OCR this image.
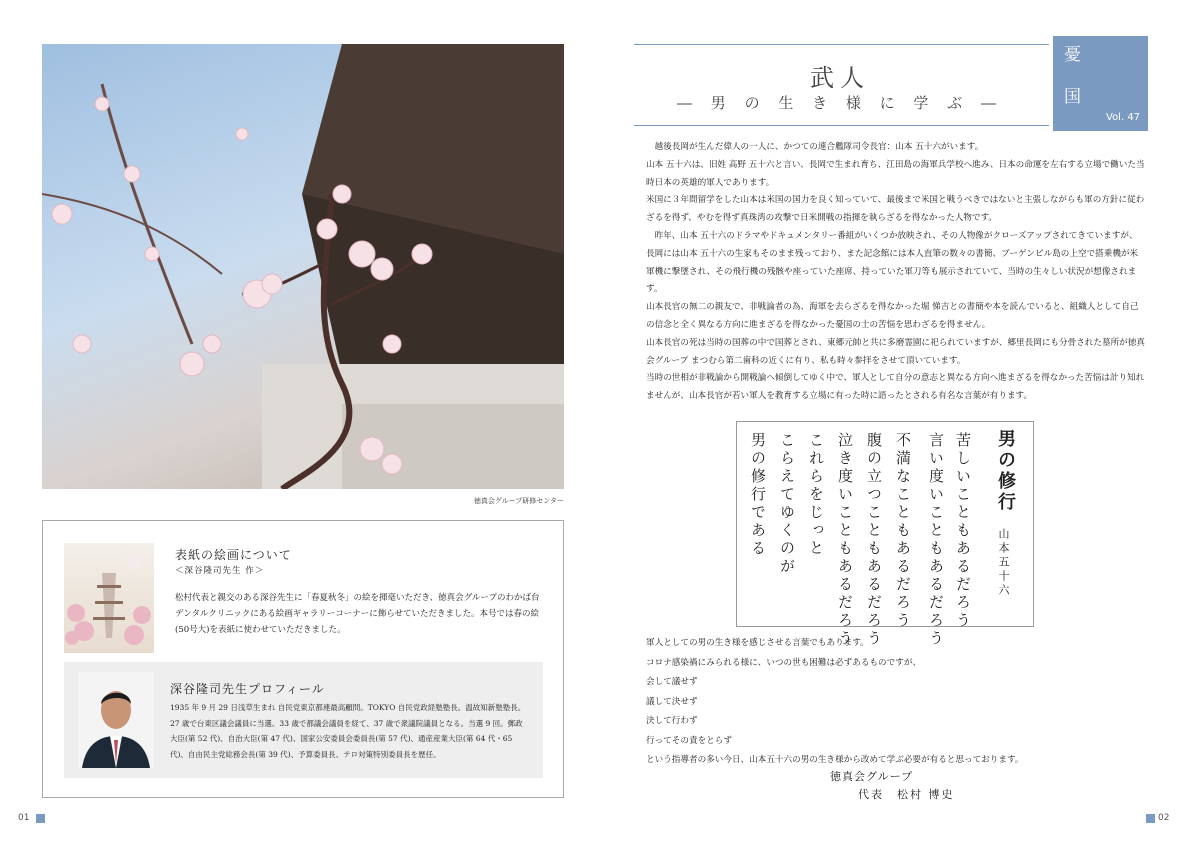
徳真会グループ研修センター
表紙の絵画について
＜深谷隆司先生 作＞
松村代表と親交のある深谷先生に「春夏秋冬」の絵を揮毫いただき、徳真会グループのわかば台デンタルクリニックにある絵画ギャラリーコーナーに飾らせていただきました。本号では春の絵(50号大)を表紙に使わせていただきました。
深谷隆司先生プロフィール
1935 年 9 月 29 日浅草生まれ 自民党東京都連最高顧問。TOKYO 自民党政経塾塾長。温故知新塾塾長。27 歳で台東区議会議員に当選。33 歳で都議会議員を経て、37 歳で衆議院議員となる。当選 9 回。郵政大臣(第 52 代)、自治大臣(第 47 代)、国家公安委員会委員長(第 57 代)、通産産業大臣(第 64 代・65 代)、自由民主党総務会長(第 39 代)、予算委員長、テロ対策特別委員長を歴任。
01
武人
― 男 の 生 き 様 に 学 ぶ ―
憂
国
Vol. 47

越後長岡が生んだ偉人の一人に、かつての連合艦隊司令長官：山本 五十六がいます。

山本 五十六は、旧姓 高野 五十六と言い、長岡で生まれ育ち、江田島の海軍兵学校へ進み、日本の命運を左右する立場で働いた当時日本の英雄的軍人であります。

米国に３年間留学をした山本は米国の国力を良く知っていて、最後まで米国と戦うべきではないと主張しながらも軍の方針に従わざるを得ず、やむを得ず真珠湾の攻撃で日米開戦の指揮を執らざるを得なかった人物です。

昨年、山本 五十六のドラマやドキュメンタリー番組がいくつか放映され、その人物像がクローズアップされてきていますが、長岡には山本 五十六の生家もそのまま残っており、また記念館には本人直筆の数々の書簡、ブーゲンビル島の上空で搭乗機が米軍機に撃墜され、その飛行機の残骸や座っていた座席、持っていた軍刀等も展示されていて、当時の生々しい状況が想像されます。

山本長官の無二の親友で、非戦論者の為、海軍を去らざるを得なかった堀 悌吉との書簡や本を読んでいると、組織人として自己の信念と全く異なる方向に進まざるを得なかった憂国の士の苦悩を思わざるを得ません。

山本長官の死は当時の国葬の中で国葬とされ、東郷元帥と共に多磨霊園に祀られていますが、郷里長岡にも分骨された墓所が徳真会グループ まつむら第二歯科の近くに有り、私も時々参拝をさせて頂いています。

当時の世相が非戦論から開戦論へ傾倒してゆく中で、軍人として自分の意志と異なる方向へ進まざるを得なかった苦悩は計り知れませんが、山本長官が若い軍人を教育する立場に有った時に語ったとされる有名な言葉が有ります。

男の修行
山本五十六
苦しいこともあるだろう
言い度いこともあるだろう
不満なこともあるだろう
腹の立つこともあるだろう
泣き度いこともあるだろう
これらをじっと
こらえてゆくのが
男の修行である

軍人としての男の生き様を感じさせる言葉でもあります。

コロナ感染禍にみられる様に、いつの世も困難は必ずあるものですが、

会して議せず

議して決せず

決して行わず

行ってその責をとらず

という指導者の多い今日、山本五十六の男の生き様から改めて学ぶ必要が有ると思っております。

徳真会グループ
代表　松村 博史
02
